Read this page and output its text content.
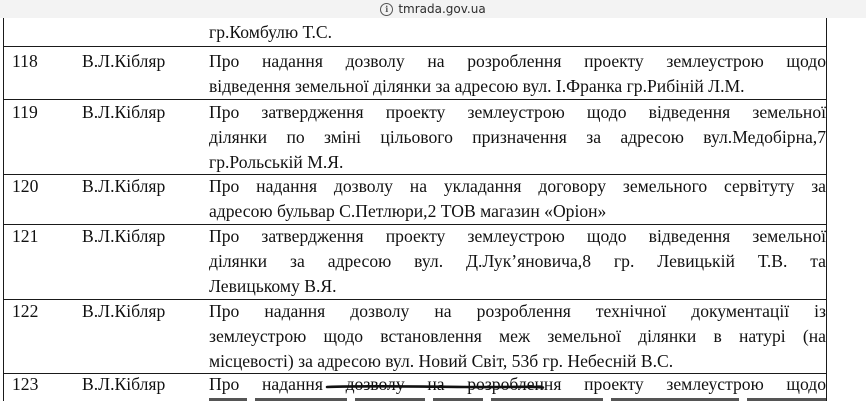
i tmrada.gov.ua
гр.Комбулю Т.С.
118	В.Л.Кібляр Про надання дозволу на розроблення проекту землеустрою щодо
відведення земельної ділянки за адресою вул. І.Франка гр.Рибіній Л.М.
119	В.Л.Кібляр Про затвердження проекту землеустрою щодо відведення земельної
ділянки по зміні цільового призначення за адресою вул.Медобірна,7
гр.Рольській М.Я.
120 В.Л.Кібляр Про надання дозволу на укладання договору земельного сервітуту за
адресою бульвар С.Петлюри,2 ТОВ магазин «Оріон»
121 В.Л.Кібляр Про затвердження проекту землеустрою щодо відведення земельної
ділянки за адресою вул. Д.Лук’яновича,8 гр. Левицькій Т.В. та
Левицькому В.Я.
122 В.Л.Кібляр Про надання дозволу на розроблення технічної документації із
землеустрою щодо встановлення меж земельної ділянки в натурі (на
місцевості) за адресою вул. Новий Світ, 53б гр. Небесній В.С.
123 В.Л.Кібляр Про надання дозволу на розроблення проекту землеустрою щодо
